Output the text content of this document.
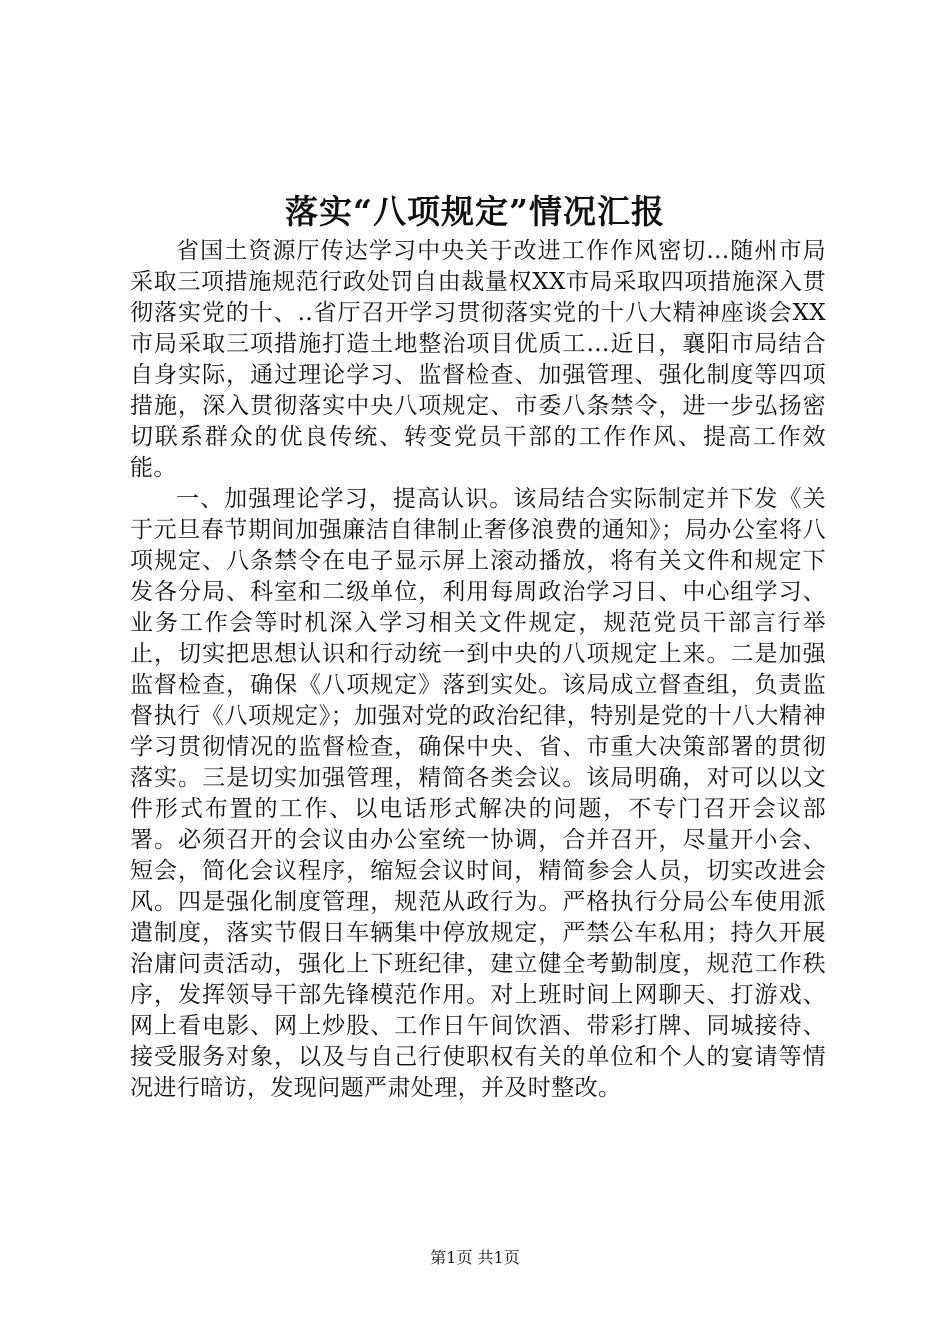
落实“八项规定”情况汇报

省国土资源厅传达学习中央关于改进工作作风密切...随州市局采取三项措施规范行政处罚自由裁量权XX市局采取四项措施深入贯彻落实党的十、..省厅召开学习贯彻落实党的十八大精神座谈会XX市局采取三项措施打造土地整治项目优质工...近日，襄阳市局结合自身实际，通过理论学习、监督检查、加强管理、强化制度等四项措施，深入贯彻落实中央八项规定、市委八条禁令，进一步弘扬密切联系群众的优良传统、转变党员干部的工作作风、提高工作效能。

一、加强理论学习，提高认识。该局结合实际制定并下发《关于元旦春节期间加强廉洁自律制止奢侈浪费的通知》；局办公室将八项规定、八条禁令在电子显示屏上滚动播放，将有关文件和规定下发各分局、科室和二级单位，利用每周政治学习日、中心组学习、业务工作会等时机深入学习相关文件规定，规范党员干部言行举止，切实把思想认识和行动统一到中央的八项规定上来。二是加强监督检查，确保《八项规定》落到实处。该局成立督查组，负责监督执行《八项规定》；加强对党的政治纪律，特别是党的十八大精神学习贯彻情况的监督检查，确保中央、省、市重大决策部署的贯彻落实。三是切实加强管理，精简各类会议。该局明确，对可以以文件形式布置的工作、以电话形式解决的问题，不专门召开会议部署。必须召开的会议由办公室统一协调，合并召开，尽量开小会、短会，简化会议程序，缩短会议时间，精简参会人员，切实改进会风。四是强化制度管理，规范从政行为。严格执行分局公车使用派遣制度，落实节假日车辆集中停放规定，严禁公车私用；持久开展治庸问责活动，强化上下班纪律，建立健全考勤制度，规范工作秩序，发挥领导干部先锋模范作用。对上班时间上网聊天、打游戏、网上看电影、网上炒股、工作日午间饮酒、带彩打牌、同城接待、接受服务对象，以及与自己行使职权有关的单位和个人的宴请等情况进行暗访，发现问题严肃处理，并及时整改。

第1页 共1页
